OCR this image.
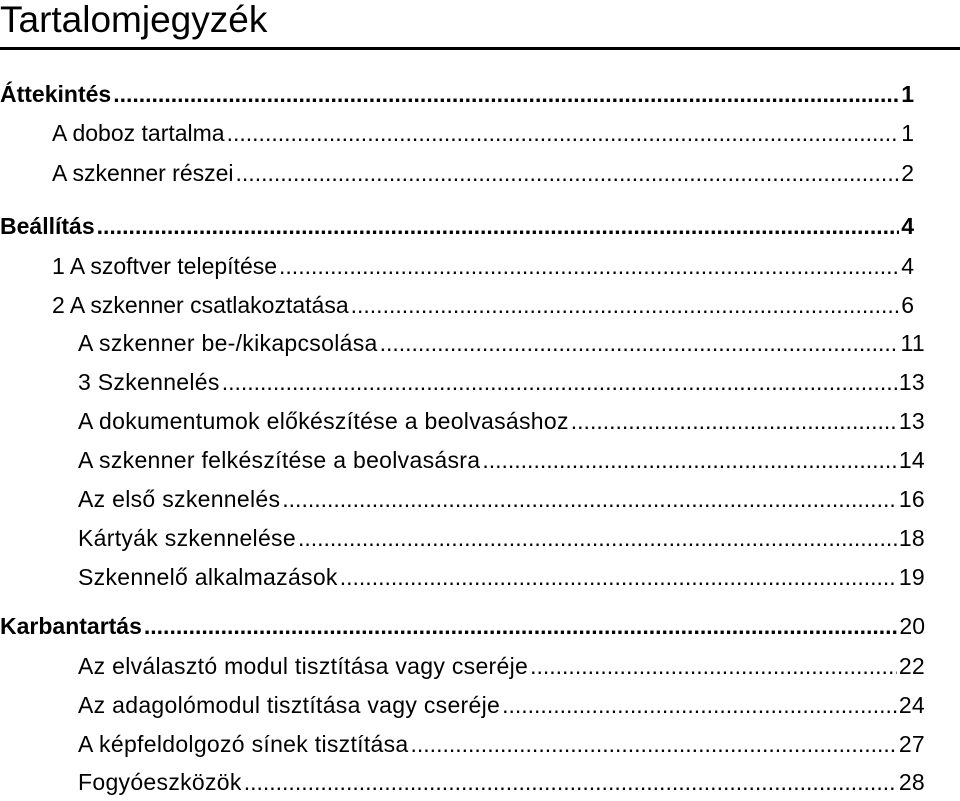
Tartalomjegyzék
Áttekintés .....	1
A doboz tartalma .....	1
A szkenner részei .....	2
Beállítás .....	4
1 A szoftver telepítése .....	4
2 A szkenner csatlakoztatása .....	6
A szkenner be-/kikapcsolása .....	11
3 Szkennelés .....	13
A dokumentumok előkészítése a beolvasáshoz .....	13
A szkenner felkészítése a beolvasásra .....	14
Az első szkennelés .....	16
Kártyák szkennelése .....	18
Szkennelő alkalmazások .....	19
Karbantartás .....	20
Az elválasztó modul tisztítása vagy cseréje .....	22
Az adagolómodul tisztítása vagy cseréje .....	24
A képfeldolgozó sínek tisztítása .....	27
Fogyóeszközök .....	28
